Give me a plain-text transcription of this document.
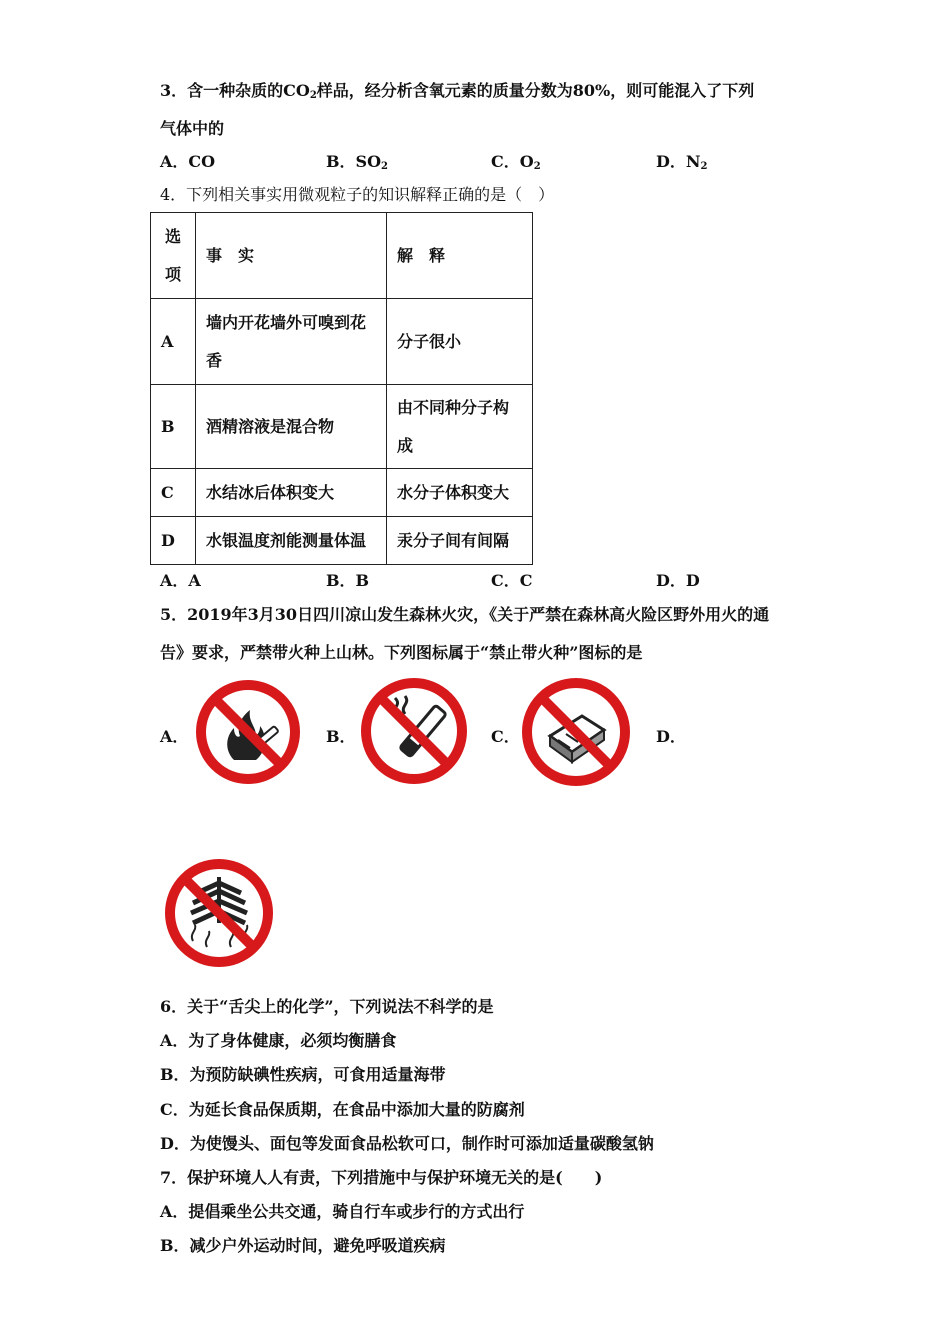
3．含一种杂质的$CO_2$样品，经分析含氧元素的质量分数为80%，则可能混入了下列
气体中的
A．CO	B．$SO_2$	C．$O_2$	D．$N_2$
4．下列相关事实用微观粒子的知识解释正确的是（　）
选项	事　实	解　释
A	墙内开花墙外可嗅到花香	分子很小
B	酒精溶液是混合物	由不同种分子构成
C	水结冰后体积变大	水分子体积变大
D	水银温度剂能测量体温	汞分子间有间隔
A．A	B．B	C．C	D．D
5．2019年3月30日四川凉山发生森林火灾，《关于严禁在森林高火险区野外用火的通
告》要求，严禁带火种上山林。下列图标属于“禁止带火种”图标的是
A．	B．	C．	D．
6．关于“舌尖上的化学”，下列说法不科学的是
A．为了身体健康，必须均衡膳食
B．为预防缺碘性疾病，可食用适量海带
C．为延长食品保质期，在食品中添加大量的防腐剂
D．为使馒头、面包等发面食品松软可口，制作时可添加适量碳酸氢钠
7．保护环境人人有责，下列措施中与保护环境无关的是(　　)
A．提倡乘坐公共交通，骑自行车或步行的方式出行
B．减少户外运动时间，避免呼吸道疾病
